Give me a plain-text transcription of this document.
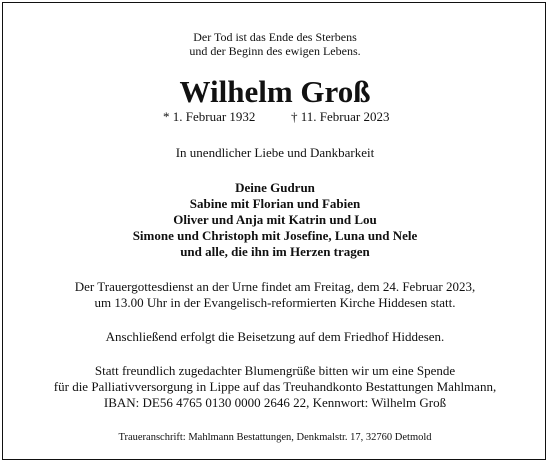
Der Tod ist das Ende des Sterbens
und der Beginn des ewigen Lebens.
Wilhelm Groß
* 1. Februar 1932	† 11. Februar 2023
In unendlicher Liebe und Dankbarkeit
Deine Gudrun
Sabine mit Florian und Fabien
Oliver und Anja mit Katrin und Lou
Simone und Christoph mit Josefine, Luna und Nele
und alle, die ihn im Herzen tragen
Der Trauergottesdienst an der Urne findet am Freitag, dem 24. Februar 2023,
um 13.00 Uhr in der Evangelisch-reformierten Kirche Hiddesen statt.
Anschließend erfolgt die Beisetzung auf dem Friedhof Hiddesen.
Statt freundlich zugedachter Blumengrüße bitten wir um eine Spende
für die Palliativversorgung in Lippe auf das Treuhandkonto Bestattungen Mahlmann,
IBAN: DE56 4765 0130 0000 2646 22, Kennwort: Wilhelm Groß
Traueranschrift: Mahlmann Bestattungen, Denkmalstr. 17, 32760 Detmold
